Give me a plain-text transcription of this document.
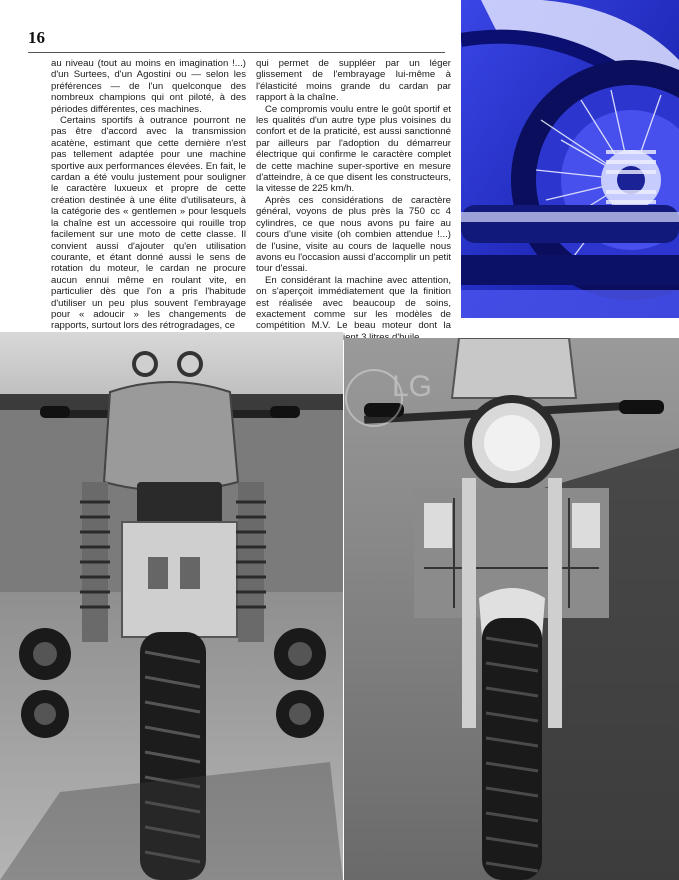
16

au niveau (tout au moins en imagination !...) d'un Surtees, d'un Agostini ou — selon les préférences — de l'un quelconque des nombreux champions qui ont piloté, à des périodes différentes, ces machines.

Certains sportifs à outrance pourront ne pas être d'accord avec la transmission acatène, estimant que cette dernière n'est pas tellement adaptée pour une machine sportive aux performances élevées. En fait, le cardan a été voulu justement pour souligner le caractère luxueux et propre de cette création destinée à une élite d'utilisateurs, à la catégorie des « gentlemen » pour lesquels la chaîne est un accessoire qui rouille trop facilement sur une moto de cette classe. Il convient aussi d'ajouter qu'en utilisation courante, et étant donné aussi le sens de rotation du moteur, le cardan ne procure aucun ennui même en roulant vite, en particulier dès que l'on a pris l'habitude d'utiliser un peu plus souvent l'embrayage pour « adoucir » les changements de rapports, surtout lors des rétrogradages, ce

qui permet de suppléer par un léger glissement de l'embrayage lui-même à l'élasticité moins grande du cardan par rapport à la chaîne.

Ce compromis voulu entre le goût sportif et les qualités d'un autre type plus voisines du confort et de la praticité, est aussi sanctionné par ailleurs par l'adoption du démarreur électrique qui confirme le caractère complet de cette machine super-sportive en mesure d'atteindre, à ce que disent les constructeurs, la vitesse de 225 km/h.

Après ces considérations de caractère général, voyons de plus près la 750 cc 4 cylindres, ce que nous avons pu faire au cours d'une visite (oh combien attendue !...) de l'usine, visite au cours de laquelle nous avons eu l'occasion aussi d'accomplir un petit tour d'essai.

En considérant la machine avec attention, on s'aperçoit immédiatement que la finition est réalisée avec beaucoup de soins, exactement comme sur les modèles de compétition M.V. Le beau moteur dont la

LG
